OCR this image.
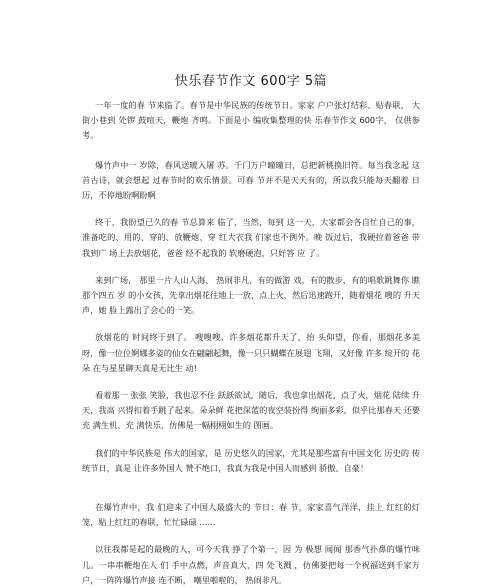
快乐春节作文 600字 5篇

一年一度的春 节来临了。春节是中华民族的传统节日。家家 户户张灯结彩、贴春联， 大街小巷到 处锣 鼓喧天，鞭炮 齐鸣。下面是小 编收集整理的快 乐春节作文 600字， 仅供参 考。

爆竹声中一 岁除，春风送暖入屠 苏。千门万户曈曈日，总把新桃换旧符。每当我念起 这首古诗，就会想起 过春节时的欢乐情景。可春 节并不是天天有的，所以我只能每天翻着 日历，不停地盼啊盼啊

终于，我盼望已久的春 节总算来 临了，当然，每到 这一天，大家都会各自忙自己的事， 准备吃的、用的、穿的、放鞭炮、穿 红大衣我 们家也不例外。晚 饭过后，我硬拉着爸爸 带 我到广 场上去放烟花，爸爸 经不起我的 软磨硬泡，只好答 应 了。

来到广场， 那里一片人山人海、 热闹非凡，有的做游 戏，有的散步，有的唱歌跳舞你 瞧那个四五 岁 的小女孩，先拿出烟花往地上一放，点上火，然后迅速跑开，随着烟花 嗖的 升天声，她 脸上露出了会心的一笑。

放烟花的 时间终于到了。 嗖嗖嗖，许多烟花都升天了，抬 头仰望，你看，那烟花多美 呀，像一位位婀娜多姿的仙女在翩翩起舞，像一只只蝴蝶在展翅 飞翔，又好像 许多 绽开的 花朵 在与星星聊天真是无比生 动!

看着那一 张张 笑脸，我也忍不住 跃跃欲试，随后，我也拿出烟花，点了火，烟花 陆续 升天，我高 兴得扣着手跳了起来。朵朵鲜 花把深蓝的夜空装扮得 绚丽多彩，似乎比那春天 还要充 满生机、充 满快乐，仿佛是一幅栩栩如生的 图画。

我们的中华民族是 伟大的国家，是 历史悠久的国家，尤其是那些富有中国文化 历史的 传统节日，真是 让许多外国人 赞不绝口，我真为我是中国人而感到 骄傲、自豪！

在爆竹声中，我 们迎来了中国人最盛大的 节日：春 节，家家喜气洋洋，挂上 红红的灯 笼，贴上红红的春联，忙忙碌碌 ……

以往我都是起的最晚的人，可今天我 挣了个第一，因 为 极想 闻闻 那香气扑鼻的爆竹味 儿。一串串鞭炮在人 们 手中点燃，声音真大，四 处飞溅 ，仿佛要把每一个祝福送到千家万户，一阵阵爆竹声接 连不断， 嘲里啪啦的， 热闹非凡。
